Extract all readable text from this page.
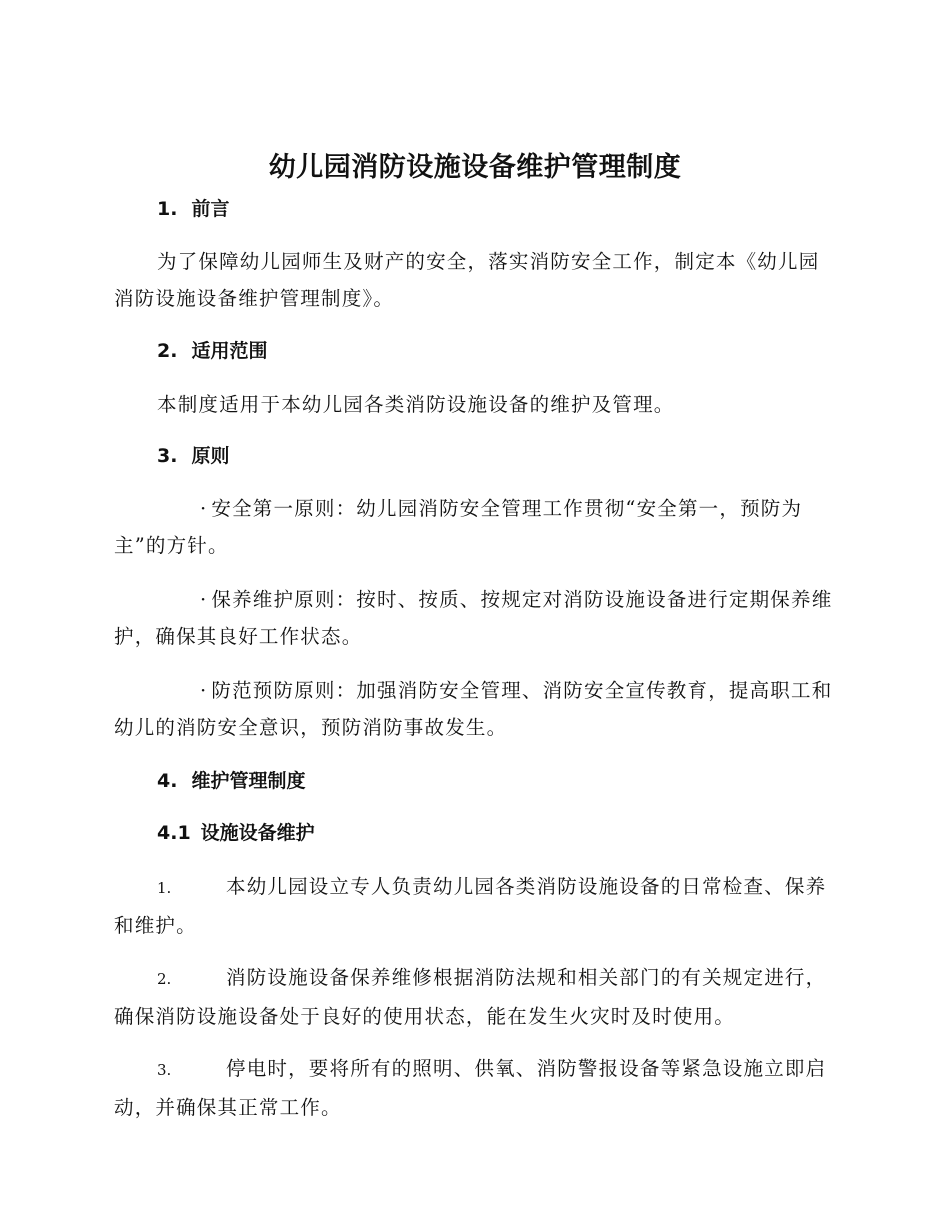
幼儿园消防设施设备维护管理制度
1. 前言

为了保障幼儿园师生及财产的安全，落实消防安全工作，制定本《幼儿园消防设施设备维护管理制度》。

2. 适用范围

本制度适用于本幼儿园各类消防设施设备的维护及管理。

3. 原则

· 安全第一原则：幼儿园消防安全管理工作贯彻“安全第一，预防为主”的方针。

· 保养维护原则：按时、按质、按规定对消防设施设备进行定期保养维护，确保其良好工作状态。

· 防范预防原则：加强消防安全管理、消防安全宣传教育，提高职工和幼儿的消防安全意识，预防消防事故发生。

4. 维护管理制度
4.1 设施设备维护

1.	本幼儿园设立专人负责幼儿园各类消防设施设备的日常检查、保养和维护。

2.	消防设施设备保养维修根据消防法规和相关部门的有关规定进行，确保消防设施设备处于良好的使用状态，能在发生火灾时及时使用。

3.	停电时，要将所有的照明、供氧、消防警报设备等紧急设施立即启动，并确保其正常工作。
